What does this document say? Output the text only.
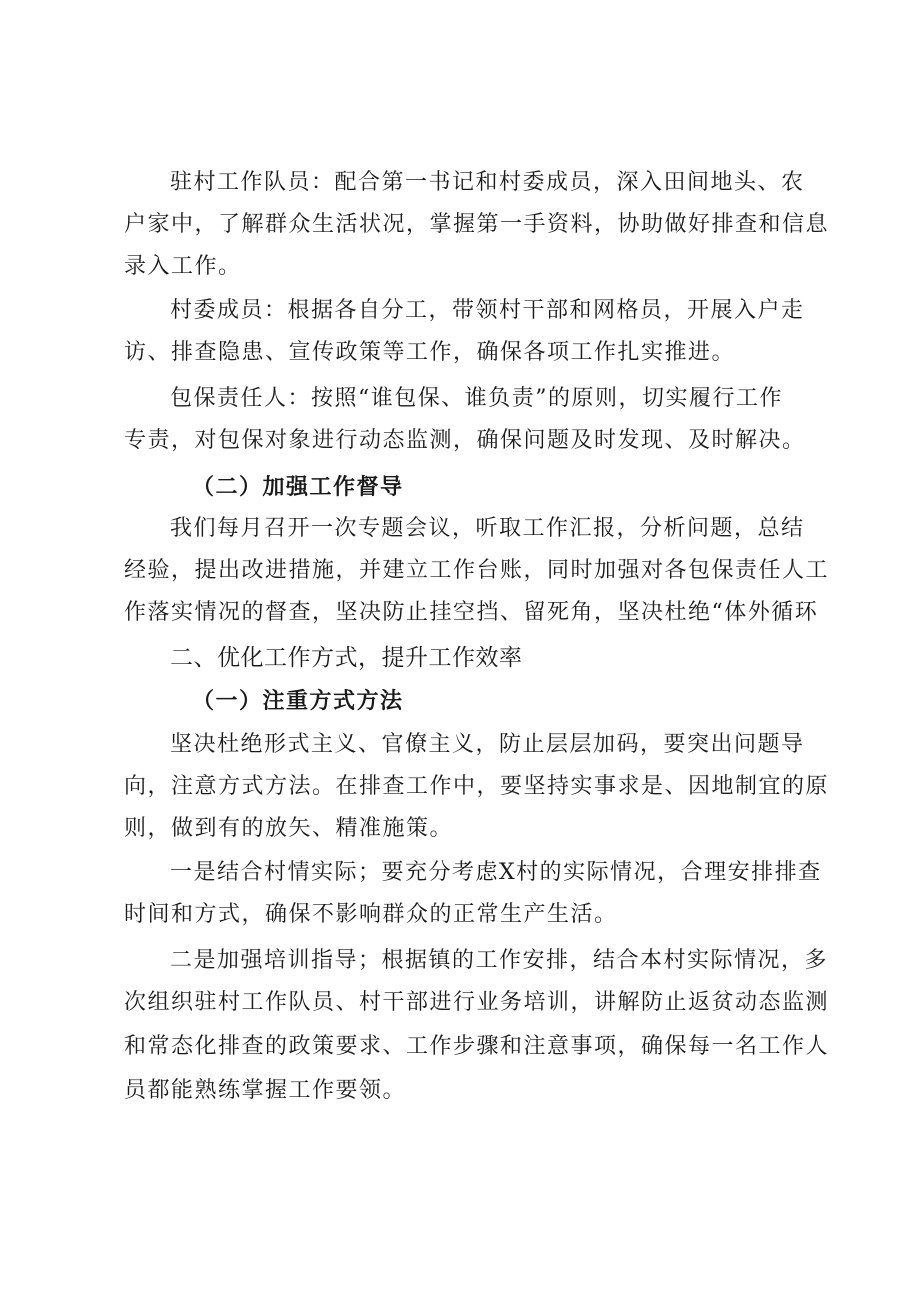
驻村工作队员：配合第一书记和村委成员，深入田间地头、农
户家中，了解群众生活状况，掌握第一手资料，协助做好排查和信息
录入工作。
村委成员：根据各自分工，带领村干部和网格员，开展入户走
访、排查隐患、宣传政策等工作，确保各项工作扎实推进。
包保责任人：按照“谁包保、谁负责”的原则，切实履行工作
专责，对包保对象进行动态监测，确保问题及时发现、及时解决。
（二）加强工作督导
我们每月召开一次专题会议，听取工作汇报，分析问题，总结
经验，提出改进措施，并建立工作台账，同时加强对各包保责任人工
作落实情况的督查，坚决防止挂空挡、留死角，坚决杜绝“体外循环
二、优化工作方式，提升工作效率
（一）注重方式方法
坚决杜绝形式主义、官僚主义，防止层层加码，要突出问题导
向，注意方式方法。在排查工作中，要坚持实事求是、因地制宜的原
则，做到有的放矢、精准施策。
一是结合村情实际；要充分考虑X村的实际情况，合理安排排查
时间和方式，确保不影响群众的正常生产生活。
二是加强培训指导；根据镇的工作安排，结合本村实际情况，多
次组织驻村工作队员、村干部进行业务培训，讲解防止返贫动态监测
和常态化排查的政策要求、工作步骤和注意事项，确保每一名工作人
员都能熟练掌握工作要领。
